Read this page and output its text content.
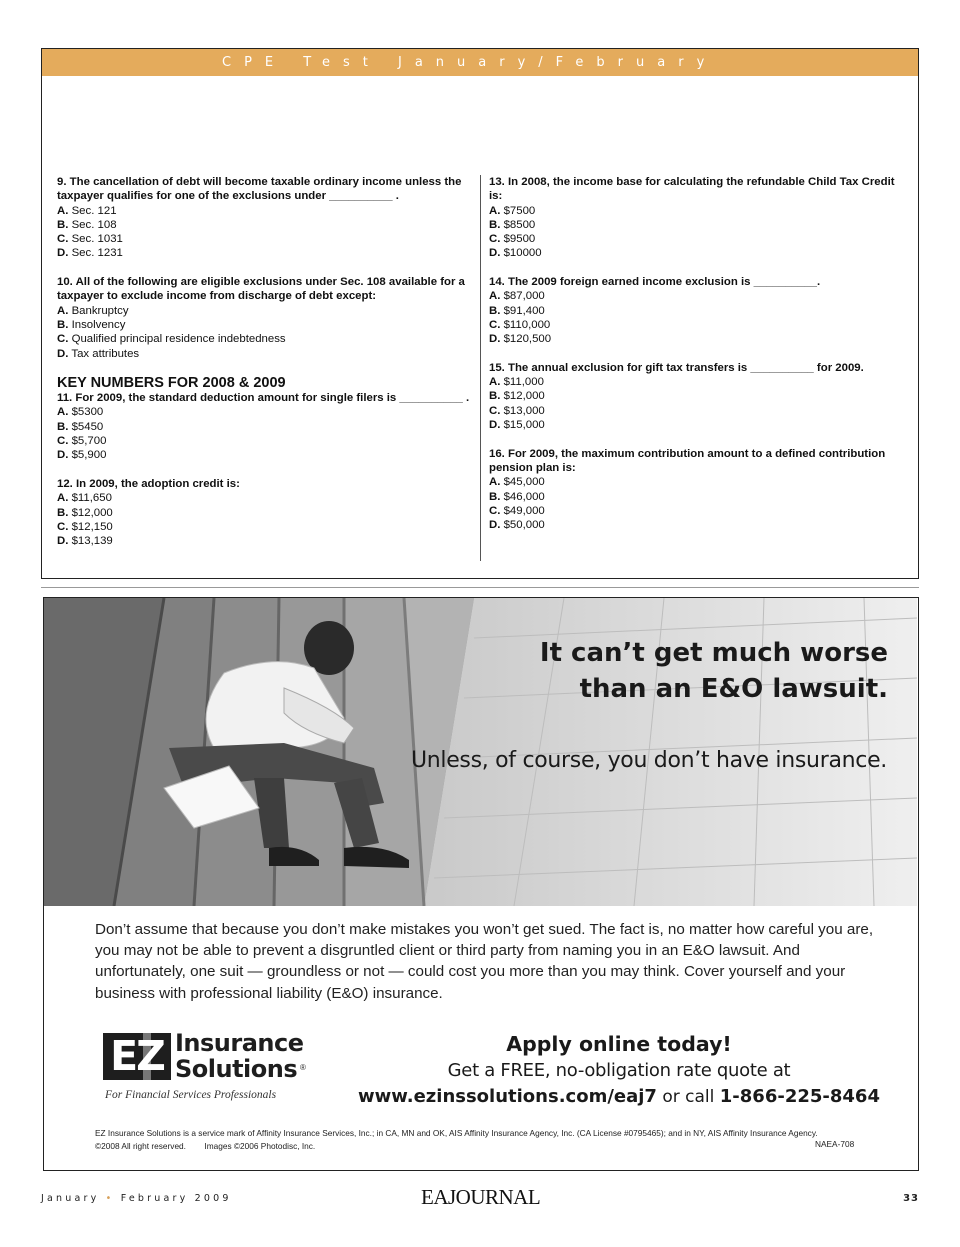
CPE Test January/February
9. The cancellation of debt will become taxable ordinary income unless the taxpayer qualifies for one of the exclusions under __________ .
A. Sec. 121
B. Sec. 108
C. Sec. 1031
D. Sec. 1231
10. All of the following are eligible exclusions under Sec. 108 available for a taxpayer to exclude income from discharge of debt except:
A. Bankruptcy
B. Insolvency
C. Qualified principal residence indebtedness
D. Tax attributes
KEY NUMBERS FOR 2008 & 2009
11. For 2009, the standard deduction amount for single filers is __________ .
A. $5300
B. $5450
C. $5,700
D. $5,900
12. In 2009, the adoption credit is:
A. $11,650
B. $12,000
C. $12,150
D. $13,139
13. In 2008, the income base for calculating the refundable Child Tax Credit is:
A. $7500
B. $8500
C. $9500
D. $10000
14. The 2009 foreign earned income exclusion is __________.
A. $87,000
B. $91,400
C. $110,000
D. $120,500
15. The annual exclusion for gift tax transfers is __________ for 2009.
A. $11,000
B. $12,000
C. $13,000
D. $15,000
16. For 2009, the maximum contribution amount to a defined contribution pension plan is:
A. $45,000
B. $46,000
C. $49,000
D. $50,000
It can’t get much worse
than an E&O lawsuit.
Unless, of course, you don’t have insurance.
Don’t assume that because you don’t make mistakes you won’t get sued. The fact is, no matter how careful you are, you may not be able to prevent a disgruntled client or third party from naming you in an E&O lawsuit. And unfortunately, one suit — groundless or not — could cost you more than you may think. Cover yourself and your business with professional liability (E&O) insurance.
EZ Insurance
Solutions ®
For Financial Services Professionals
Apply online today!
Get a FREE, no-obligation rate quote at
www.ezinssolutions.com/eaj7 or call 1-866-225-8464
EZ Insurance Solutions is a service mark of Affinity Insurance Services, Inc.; in CA, MN and OK, AIS Affinity Insurance Agency, Inc. (CA License #0795465); and in NY, AIS Affinity Insurance Agency.
©2008 All right reserved.        Images ©2006 Photodisc, Inc.	NAEA-708
January • February 2009	EAJOURNAL	33
